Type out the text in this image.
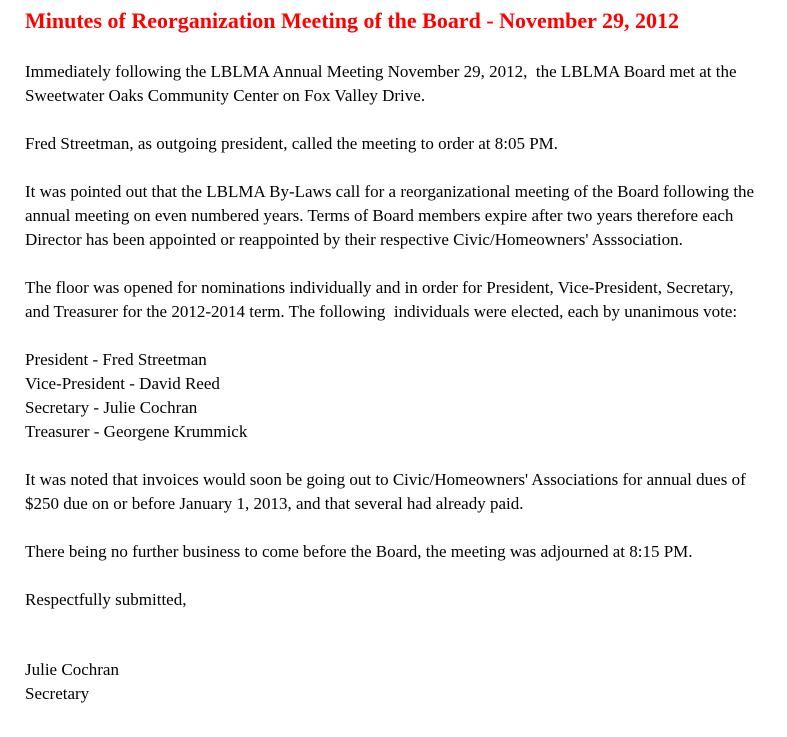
Minutes of Reorganization Meeting of the Board - November 29, 2012

Immediately following the LBLMA Annual Meeting November 29, 2012,  the LBLMA Board met at the Sweetwater Oaks Community Center on Fox Valley Drive.

Fred Streetman, as outgoing president, called the meeting to order at 8:05 PM.

It was pointed out that the LBLMA By-Laws call for a reorganizational meeting of the Board following the annual meeting on even numbered years. Terms of Board members expire after two years therefore each Director has been appointed or reappointed by their respective Civic/Homeowners' Asssociation.

The floor was opened for nominations individually and in order for President, Vice-President, Secretary, and Treasurer for the 2012-2014 term. The following  individuals were elected, each by unanimous vote:

President - Fred Streetman
Vice-President - David Reed
Secretary - Julie Cochran
Treasurer - Georgene Krummick

It was noted that invoices would soon be going out to Civic/Homeowners' Associations for annual dues of $250 due on or before January 1, 2013, and that several had already paid.

There being no further business to come before the Board, the meeting was adjourned at 8:15 PM.

Respectfully submitted,

Julie Cochran
Secretary
